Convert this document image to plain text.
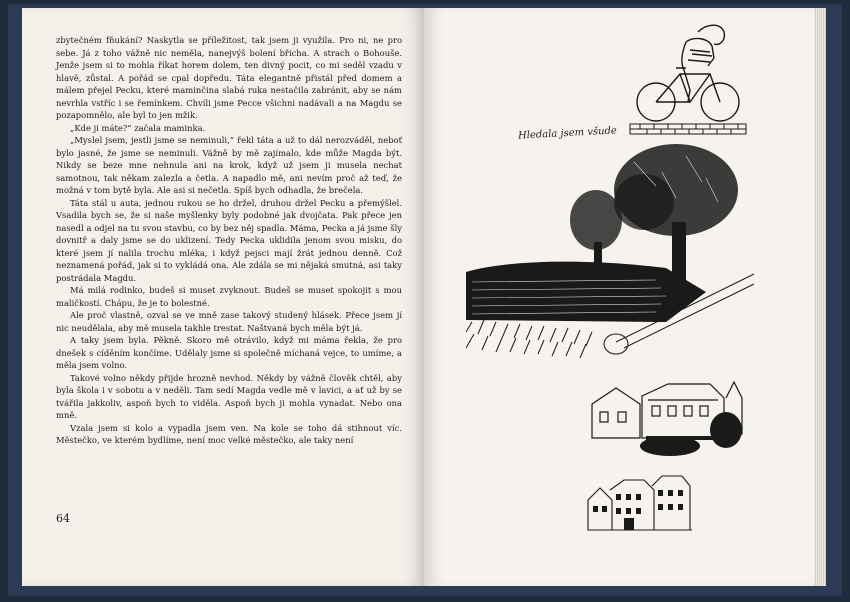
zbytečném fňukání? Naskytla se příležitost, tak jsem ji využila. Pro ni, ne pro sebe. Já z toho vážně nic neměla, nanejvýš bolení břicha. A strach o Bohouše. Jenže jsem si to mohla říkat horem dolem, ten divný pocit, co mi seděl vzadu v hlavě, zůstal. A pořád se cpal dopředu. Táta elegantně přistál před domem a málem přejel Pecku, které maminčina slabá ruka nestačila zabránit, aby se nám nevrhla vstříc i se řemínkem. Chvíli jsme Pecce všichni nadávali a na Magdu se pozapomnělo, ale byl to jen mžik.

„Kde ji máte?“ začala maminka.

„Myslel jsem, jestli jsme se neminuli,“ řekl táta a už to dál nerozváděl, neboť bylo jasné, že jsme se neminuli. Vážně by mě zajímalo, kde může Magda být. Nikdy se beze mne nehnula ani na krok, když už jsem ji musela nechat samotnou, tak někam zalezla a četla. A napadlo mě, ani nevím proč až teď, že možná v tom bytě byla. Ale asi si nečetla. Spíš bych odhadla, že brečela.

Táta stál u auta, jednou rukou se ho držel, druhou držel Pecku a přemýšlel. Vsadila bych se, že si naše myšlenky byly podobné jak dvojčata. Pak přece jen nasedl a odjel na tu svou stavbu, co by bez něj spadla. Máma, Pecka a já jsme šly dovnitř a daly jsme se do uklizení. Tedy Pecka uklidila jenom svou misku, do které jsem jí nalila trochu mléka, i když pejsci mají žrát jednou denně. Což neznamená pořád, jak si to vykládá ona. Ale zdála se mi nějaká smutná, asi taky postrádala Magdu.

Má milá rodinko, budeš si muset zvyknout. Budeš se muset spokojit s mou maličkostí. Chápu, že je to bolestné.

Ale proč vlastně, ozval se ve mně zase takový studený hlásek. Přece jsem jí nic neudělala, aby mě musela takhle trestat. Naštvaná bych měla být já.

A taky jsem byla. Pěkně. Skoro mě otrávilo, když mi máma řekla, že pro dnešek s cíděním končíme. Udělaly jsme si společně míchaná vejce, to umíme, a měla jsem volno.

Takové volno někdy přijde hrozně nevhod. Někdy by vážně člověk chtěl, aby byla škola i v sobotu a v neděli. Tam sedí Magda vedle mě v lavici, a ať už by se tvářila jakkoliv, aspoň bych to viděla. Aspoň bych ji mohla vynadat. Nebo ona mně.

Vzala jsem si kolo a vypadla jsem ven. Na kole se toho dá stihnout víc. Městečko, ve kterém bydlíme, není moc velké městečko, ale taky není

64
Hledala jsem všude
